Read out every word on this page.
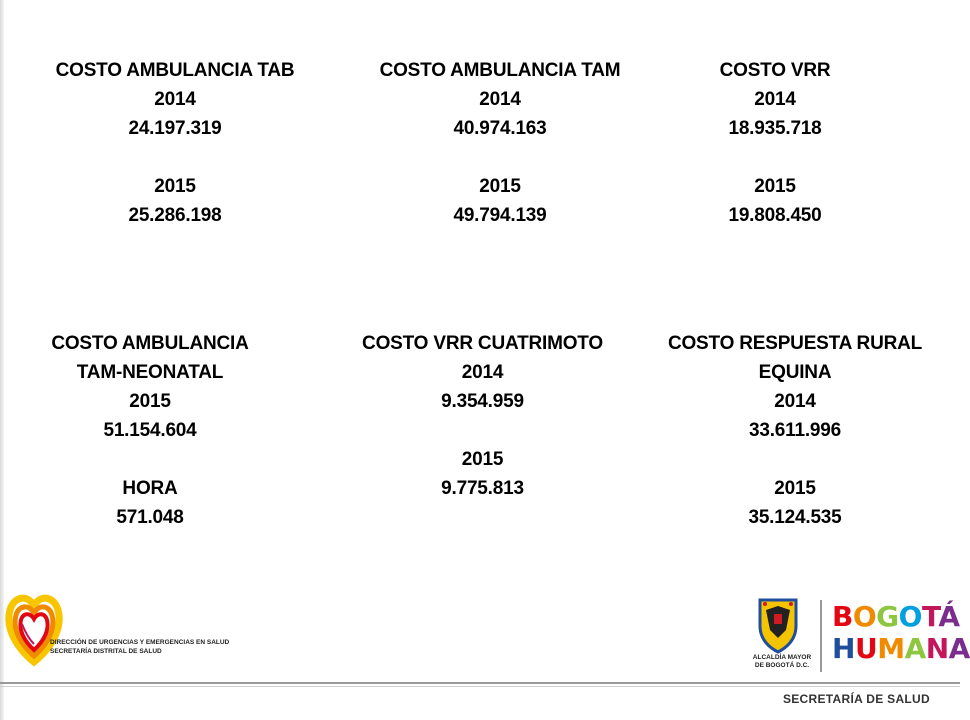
COSTO AMBULANCIA TAB
2014
24.197.319
2015
25.286.198
COSTO AMBULANCIA TAM
2014
40.974.163
2015
49.794.139
COSTO VRR
2014
18.935.718
2015
19.808.450
COSTO AMBULANCIA
TAM-NEONATAL
2015
51.154.604
HORA
571.048
COSTO VRR CUATRIMOTO
2014
9.354.959
2015
9.775.813
COSTO RESPUESTA RURAL
EQUINA
2014
33.611.996
2015
35.124.535
DIRECCIÓN DE URGENCIAS Y EMERGENCIAS EN SALUD
SECRETARÍA DISTRITAL DE SALUD
ALCALDÍA MAYOR
DE BOGOTÁ D.C.
BOGOTÁ
HUMANA
SECRETARÍA DE SALUD
